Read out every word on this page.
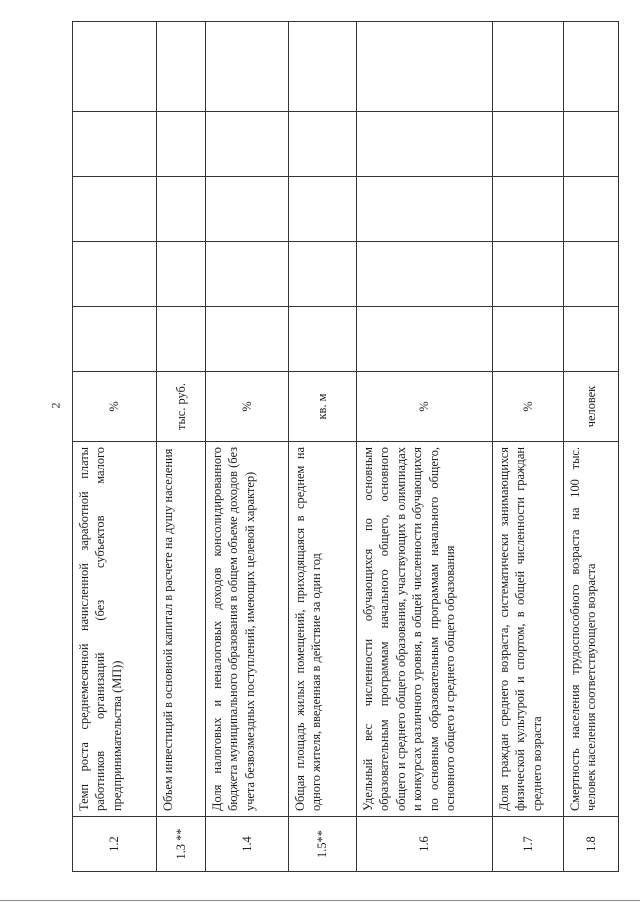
2
1.2	Темп роста среднемесячной начисленной заработной платы работников организаций (без субъектов малого предпринимательства (МП))	%					
1.3 **	Объем инвестиций в основной капитал в расчете на душу населения	тыс. руб.					
1.4	Доля налоговых и неналоговых доходов консолидированного бюджета муниципального образования в общем объеме доходов (без учета безвозмездных поступлений, имеющих целевой характер)	%					
1.5**	Общая площадь жилых помещений, приходящаяся в среднем на одного жителя, введенная в действие за один год	кв. м					
1.6	Удельный вес численности обучающихся по основным образовательным программам начального общего, основного общего и среднего общего образования, участвующих в олимпиадах и конкурсах различного уровня, в общей численности обучающихся по основным образовательным программам начального общего, основного общего и среднего общего образования	%					
1.7	Доля граждан среднего возраста, систематически занимающихся физической культурой и спортом, в общей численности граждан среднего возраста	%					
1.8	Смертность населения трудоспособного возраста на 100 тыс. человек населения соответствующего возраста	человек					
